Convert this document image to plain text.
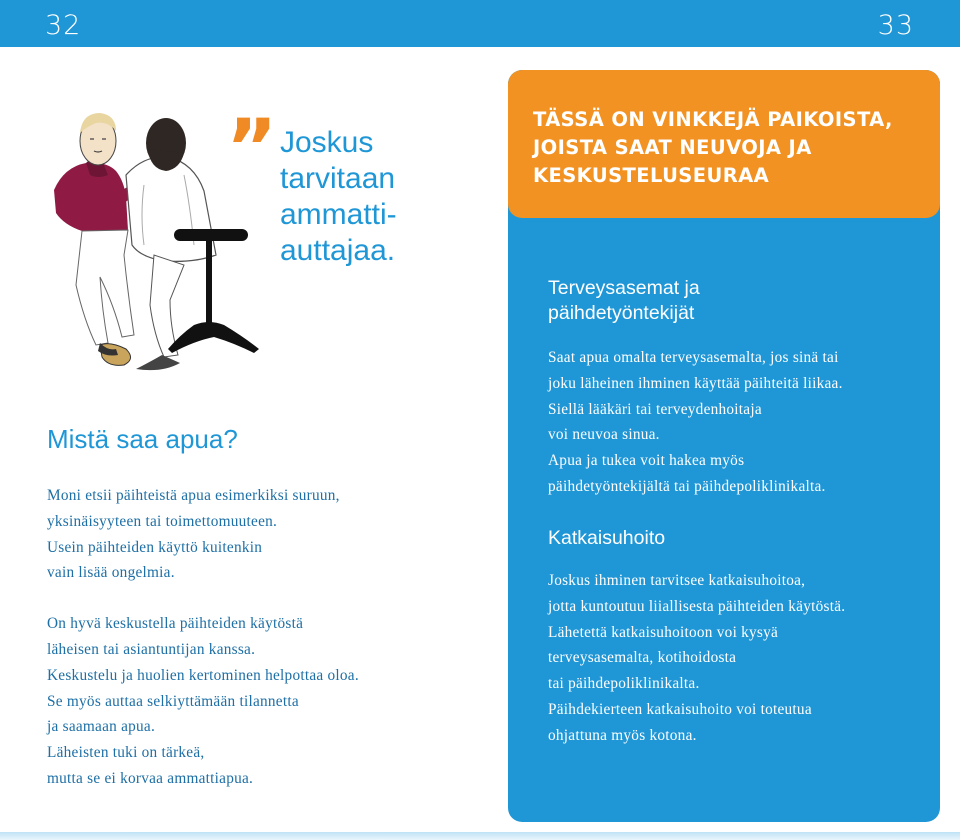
32	33
” Joskus
tarvitaan
ammatti-
auttajaa.
Mistä saa apua?
Moni etsii päihteistä apua esimerkiksi suruun,
yksinäisyyteen tai toimettomuuteen.
Usein päihteiden käyttö kuitenkin
vain lisää ongelmia.
On hyvä keskustella päihteiden käytöstä
läheisen tai asiantuntijan kanssa.
Keskustelu ja huolien kertominen helpottaa oloa.
Se myös auttaa selkiyttämään tilannetta
ja saamaan apua.
Läheisten tuki on tärkeä,
mutta se ei korvaa ammattiapua.
TÄSSÄ ON VINKKEJÄ PAIKOISTA,
JOISTA SAAT NEUVOJA JA
KESKUSTELUSEURAA
Terveysasemat ja
päihdetyöntekijät
Saat apua omalta terveysasemalta, jos sinä tai
joku läheinen ihminen käyttää päihteitä liikaa.
Siellä lääkäri tai terveydenhoitaja
voi neuvoa sinua.
Apua ja tukea voit hakea myös
päihdetyöntekijältä tai päihdepoliklinikalta.
Katkaisuhoito
Joskus ihminen tarvitsee katkaisuhoitoa,
jotta kuntoutuu liiallisesta päihteiden käytöstä.
Lähetettä katkaisuhoitoon voi kysyä
terveysasemalta, kotihoidosta
tai päihdepoliklinikalta.
Päihdekierteen katkaisuhoito voi toteutua
ohjattuna myös kotona.
